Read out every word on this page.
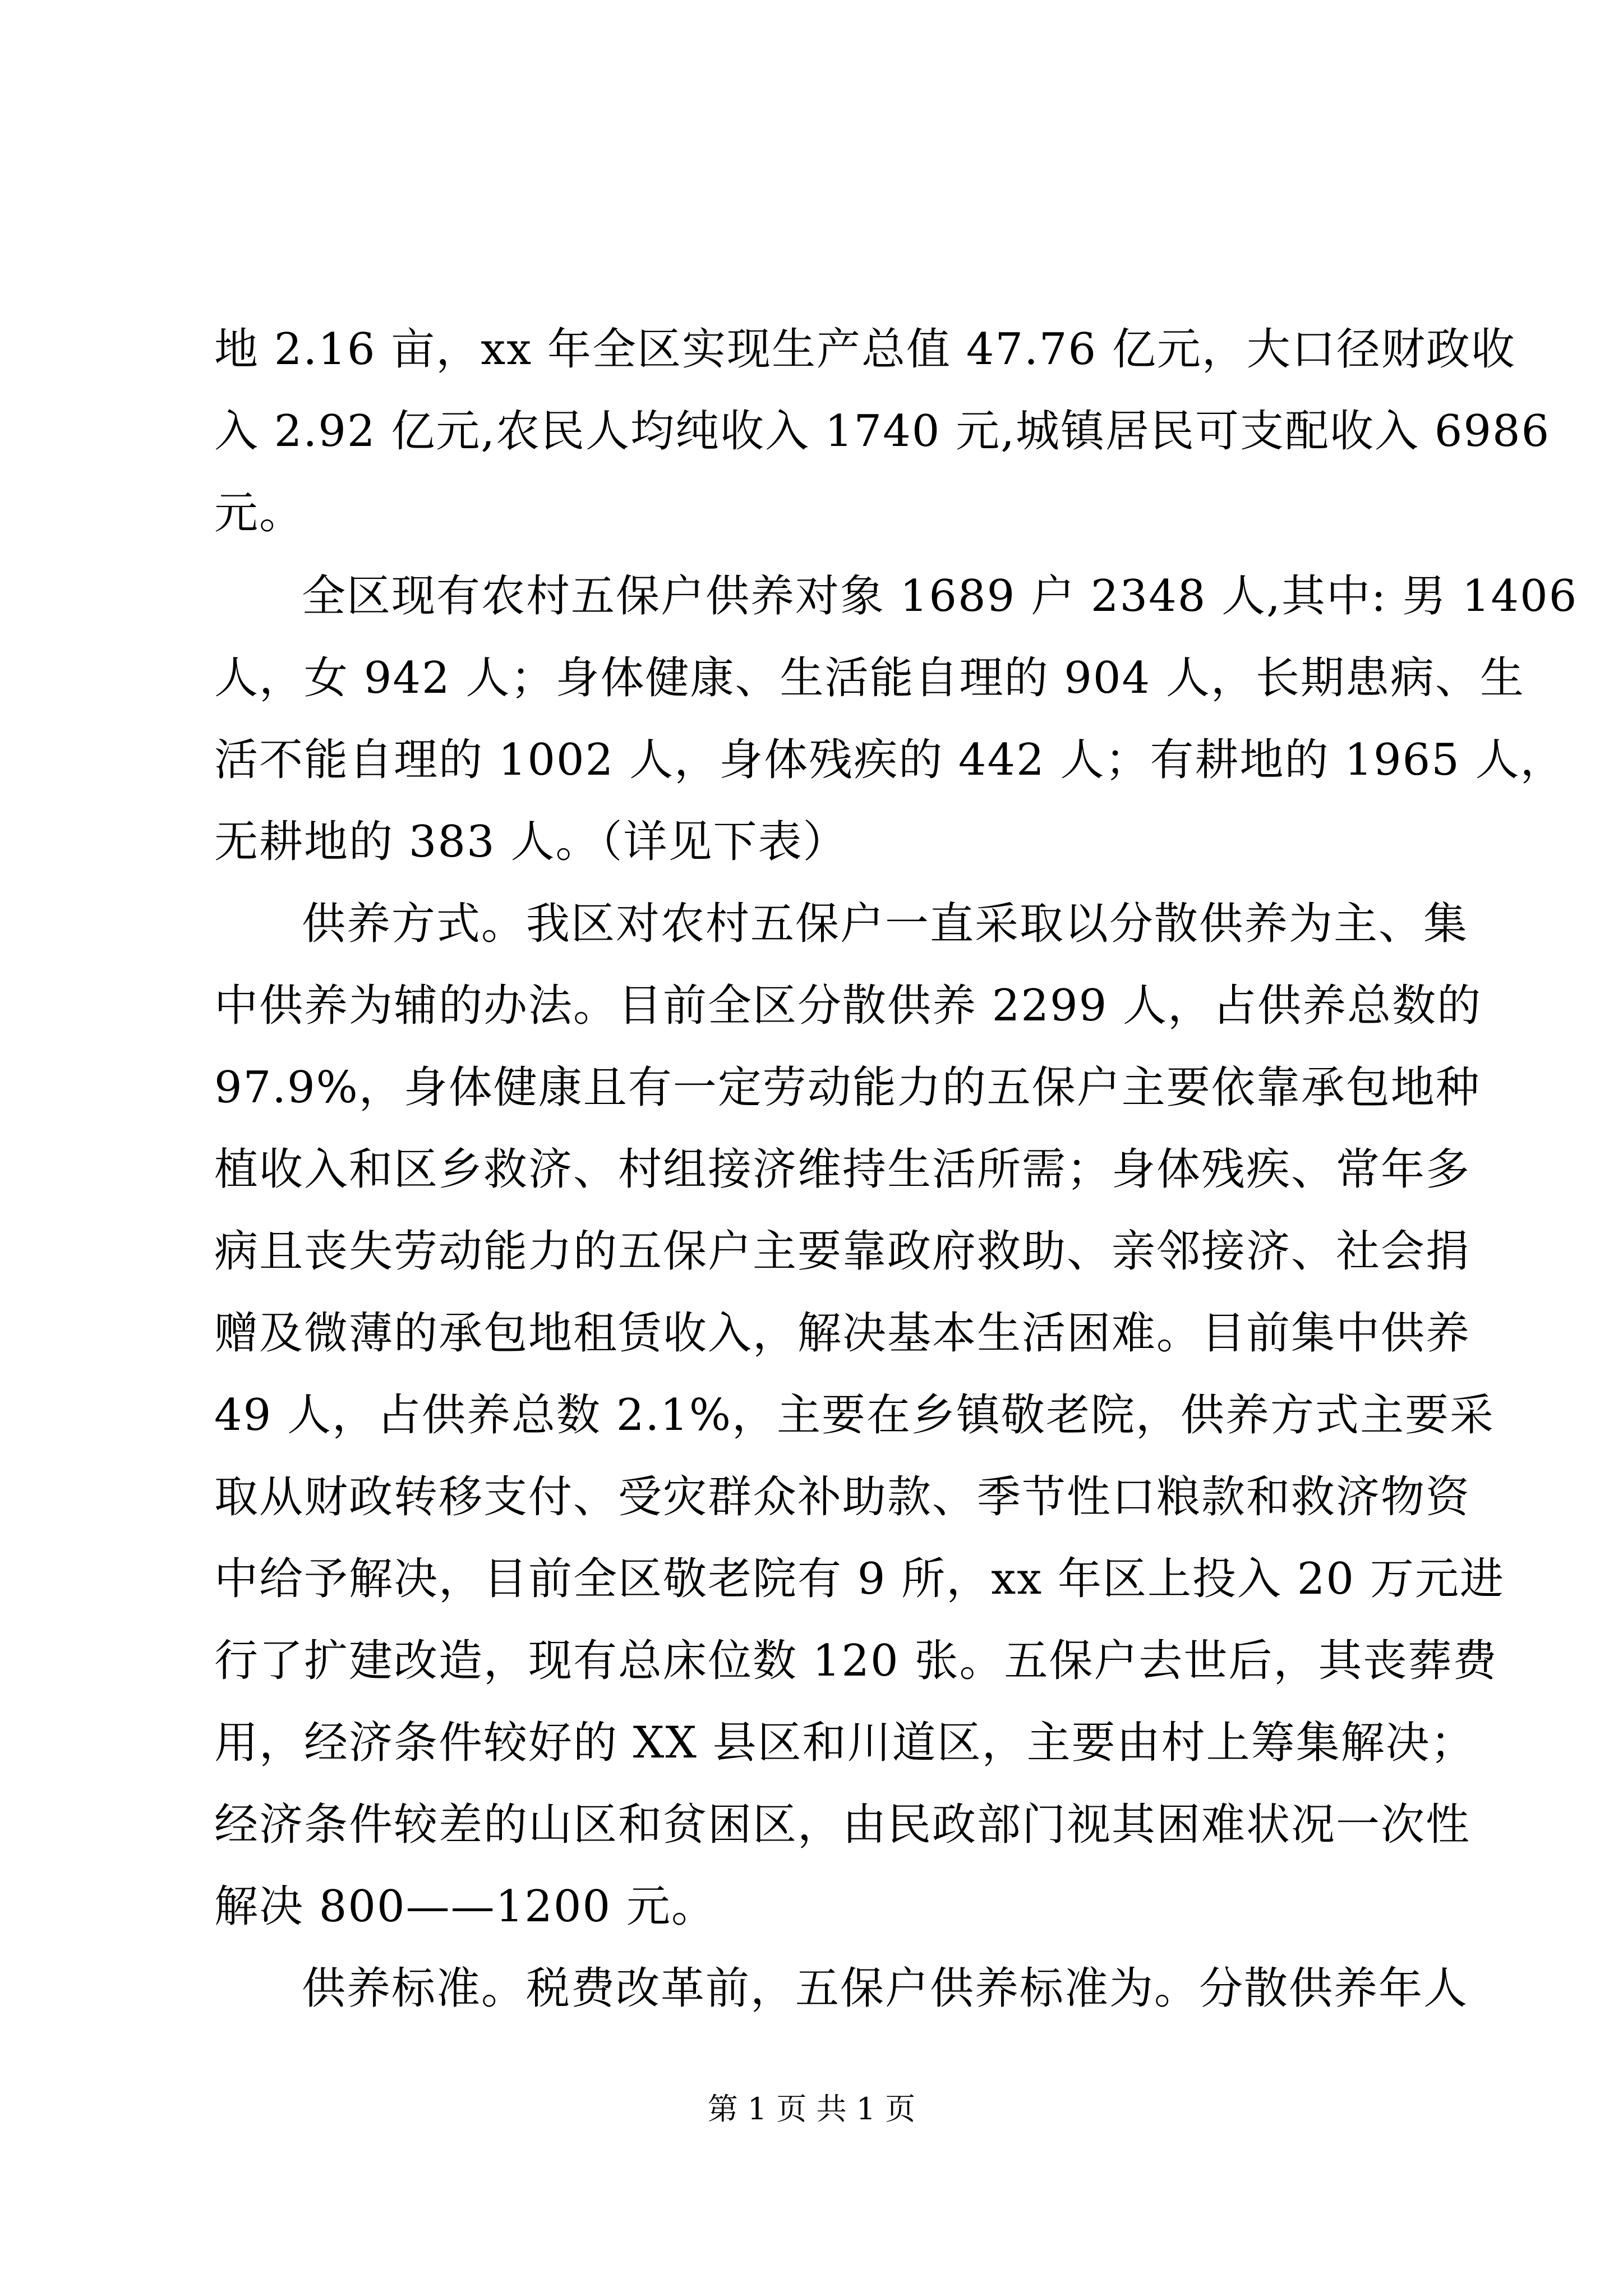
地 2.16 亩，xx 年全区实现生产总值 47.76 亿元，大口径财政收
入 2.92 亿元,农民人均纯收入 1740 元,城镇居民可支配收入 6986
元。
全区现有农村五保户供养对象 1689 户 2348 人,其中: 男 1406
人，女 942 人；身体健康、生活能自理的 904 人，长期患病、生
活不能自理的 1002 人，身体残疾的 442 人；有耕地的 1965 人，
无耕地的 383 人。（详见下表）
供养方式。我区对农村五保户一直采取以分散供养为主、集
中供养为辅的办法。目前全区分散供养 2299 人，占供养总数的
97.9%，身体健康且有一定劳动能力的五保户主要依靠承包地种
植收入和区乡救济、村组接济维持生活所需；身体残疾、常年多
病且丧失劳动能力的五保户主要靠政府救助、亲邻接济、社会捐
赠及微薄的承包地租赁收入，解决基本生活困难。目前集中供养
49 人，占供养总数 2.1%，主要在乡镇敬老院，供养方式主要采
取从财政转移支付、受灾群众补助款、季节性口粮款和救济物资
中给予解决，目前全区敬老院有 9 所，xx 年区上投入 20 万元进
行了扩建改造，现有总床位数 120 张。五保户去世后，其丧葬费
用，经济条件较好的 XX 县区和川道区，主要由村上筹集解决；
经济条件较差的山区和贫困区，由民政部门视其困难状况一次性
解决 800——1200 元。
供养标准。税费改革前，五保户供养标准为。分散供养年人
第 1 页 共 1 页
